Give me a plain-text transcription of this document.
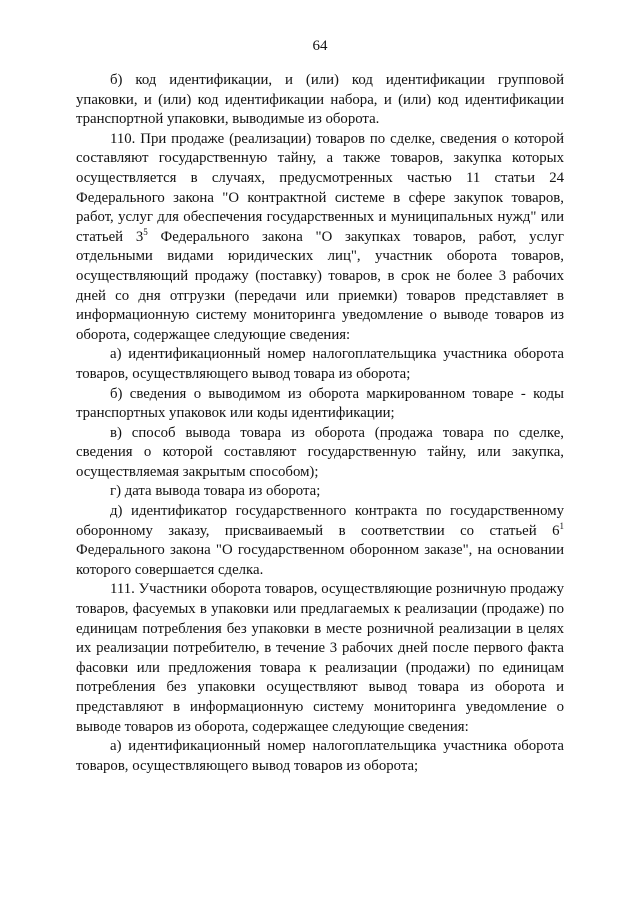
64

б) код идентификации, и (или) код идентификации групповой упаковки, и (или) код идентификации набора, и (или) код идентификации транспортной упаковки, выводимые из оборота.

110. При продаже (реализации) товаров по сделке, сведения о которой составляют государственную тайну, а также товаров, закупка которых осуществляется в случаях, предусмотренных частью 11 статьи 24 Федерального закона "О контрактной системе в сфере закупок товаров, работ, услуг для обеспечения государственных и муниципальных нужд" или статьей $3^5$ Федерального закона "О закупках товаров, работ, услуг отдельными видами юридических лиц", участник оборота товаров, осуществляющий продажу (поставку) товаров, в срок не более 3 рабочих дней со дня отгрузки (передачи или приемки) товаров представляет в информационную систему мониторинга уведомление о выводе товаров из оборота, содержащее следующие сведения:

а) идентификационный номер налогоплательщика участника оборота товаров, осуществляющего вывод товара из оборота;

б) сведения о выводимом из оборота маркированном товаре - коды транспортных упаковок или коды идентификации;

в) способ вывода товара из оборота (продажа товара по сделке, сведения о которой составляют государственную тайну, или закупка, осуществляемая закрытым способом);

г) дата вывода товара из оборота;

д) идентификатор государственного контракта по государственному оборонному заказу, присваиваемый в соответствии со статьей $6^1$ Федерального закона "О государственном оборонном заказе", на основании которого совершается сделка.

111. Участники оборота товаров, осуществляющие розничную продажу товаров, фасуемых в упаковки или предлагаемых к реализации (продаже) по единицам потребления без упаковки в месте розничной реализации в целях их реализации потребителю, в течение 3 рабочих дней после первого факта фасовки или предложения товара к реализации (продажи) по единицам потребления без упаковки осуществляют вывод товара из оборота и представляют в информационную систему мониторинга уведомление о выводе товаров из оборота, содержащее следующие сведения:

а) идентификационный номер налогоплательщика участника оборота товаров, осуществляющего вывод товаров из оборота;
